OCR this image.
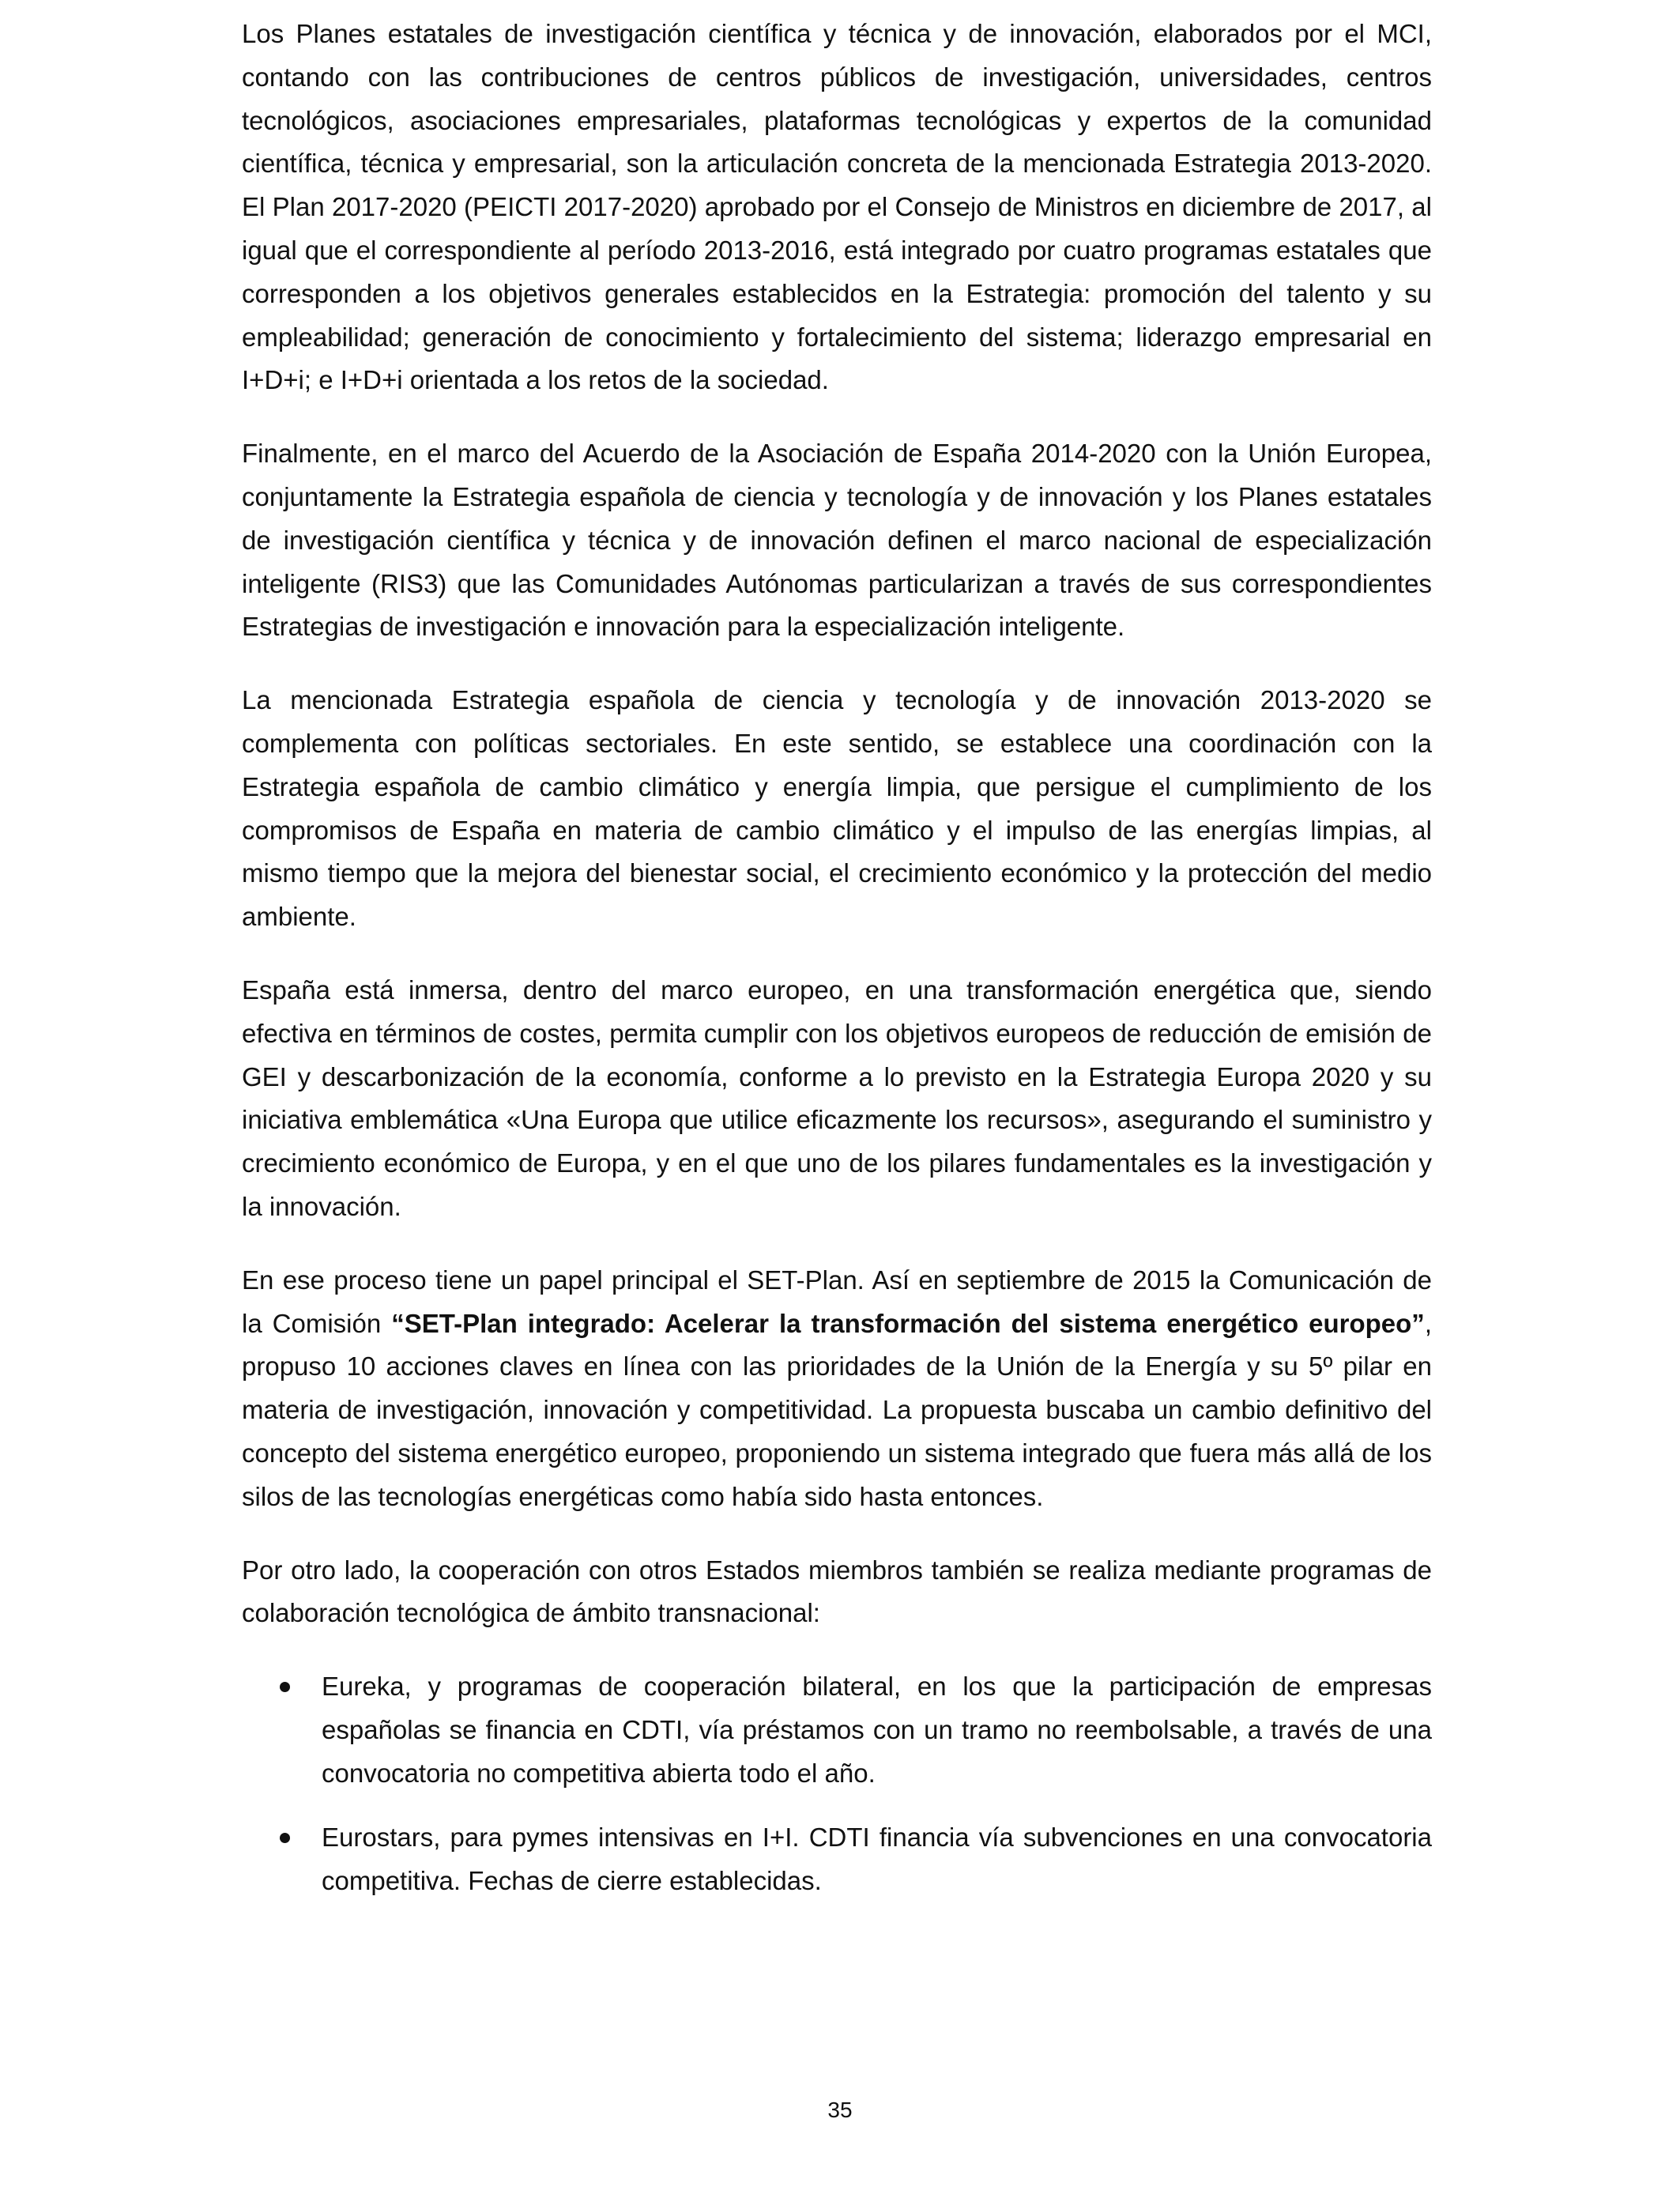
Los Planes estatales de investigación científica y técnica y de innovación, elaborados por el MCI, contando con las contribuciones de centros públicos de investigación, universidades, centros tecnológicos, asociaciones empresariales, plataformas tecnológicas y expertos de la comunidad científica, técnica y empresarial, son la articulación concreta de la mencionada Estrategia 2013-2020. El Plan 2017-2020 (PEICTI 2017-2020) aprobado por el Consejo de Ministros en diciembre de 2017, al igual que el correspondiente al período 2013-2016, está integrado por cuatro programas estatales que corresponden a los objetivos generales establecidos en la Estrategia: promoción del talento y su empleabilidad; generación de conocimiento y fortalecimiento del sistema; liderazgo empresarial en I+D+i; e I+D+i orientada a los retos de la sociedad.

Finalmente, en el marco del Acuerdo de la Asociación de España 2014-2020 con la Unión Europea, conjuntamente la Estrategia española de ciencia y tecnología y de innovación y los Planes estatales de investigación científica y técnica y de innovación definen el marco nacional de especialización inteligente (RIS3) que las Comunidades Autónomas particularizan a través de sus correspondientes Estrategias de investigación e innovación para la especialización inteligente.

La mencionada Estrategia española de ciencia y tecnología y de innovación 2013-2020 se complementa con políticas sectoriales. En este sentido, se establece una coordinación con la Estrategia española de cambio climático y energía limpia, que persigue el cumplimiento de los compromisos de España en materia de cambio climático y el impulso de las energías limpias, al mismo tiempo que la mejora del bienestar social, el crecimiento económico y la protección del medio ambiente.

España está inmersa, dentro del marco europeo, en una transformación energética que, siendo efectiva en términos de costes, permita cumplir con los objetivos europeos de reducción de emisión de GEI y descarbonización de la economía, conforme a lo previsto en la Estrategia Europa 2020 y su iniciativa emblemática «Una Europa que utilice eficazmente los recursos», asegurando el suministro y crecimiento económico de Europa, y en el que uno de los pilares fundamentales es la investigación y la innovación.

En ese proceso tiene un papel principal el SET-Plan. Así en septiembre de 2015 la Comunicación de la Comisión “SET-Plan integrado: Acelerar la transformación del sistema energético europeo”, propuso 10 acciones claves en línea con las prioridades de la Unión de la Energía y su 5º pilar en materia de investigación, innovación y competitividad. La propuesta buscaba un cambio definitivo del concepto del sistema energético europeo, proponiendo un sistema integrado que fuera más allá de los silos de las tecnologías energéticas como había sido hasta entonces.

Por otro lado, la cooperación con otros Estados miembros también se realiza mediante programas de colaboración tecnológica de ámbito transnacional:

Eureka, y programas de cooperación bilateral, en los que la participación de empresas españolas se financia en CDTI, vía préstamos con un tramo no reembolsable, a través de una convocatoria no competitiva abierta todo el año.
Eurostars, para pymes intensivas en I+I. CDTI financia vía subvenciones en una convocatoria competitiva. Fechas de cierre establecidas.
35
